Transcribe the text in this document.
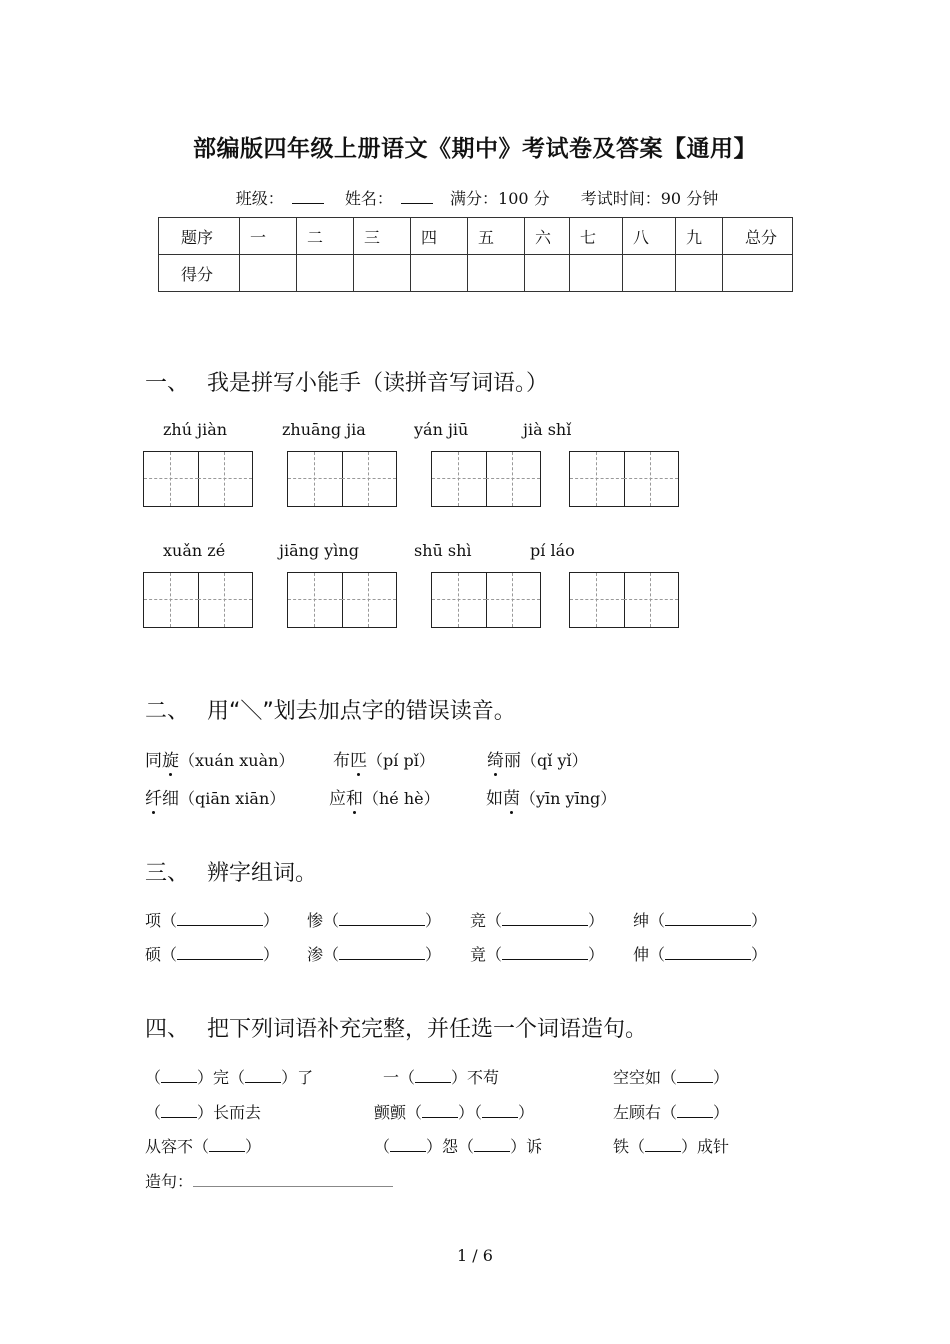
部编版四年级上册语文《期中》考试卷及答案【通用】
班级：	姓名：	满分：100 分 考试时间：90 分钟
题序	一	二	三	四	五	六	七	八	九	总分
得分										
一、 我是拼写小能手（读拼音写词语。）
zhú jiàn	zhuāng jia	yán jiū	jià shǐ
xuǎn zé	jiāng yìng	shū shì	pí láo
二、 用“＼”划去加点字的错误读音。
同旋（xuán xuàn） 布匹（pí pǐ）	绮丽（qǐ yǐ）
纤细（qiān xiān）	应和（hé hè）	如茵（yīn yīng）
三、 辨字组词。
项（	） 惨（	） 竞（	） 绅（	）
硕（	） 渗（	） 竟（	） 伸（	）
四、 把下列词语补充完整，并任选一个词语造句。
（ ）完（ ）了	一（ ）不苟	空空如（ ）
（ ）长而去	颤颤（ ）（ ）	左顾右（ ）
从容不（ ）	（ ）怨（ ）诉	铁（ ）成针
造句：
1 / 6
